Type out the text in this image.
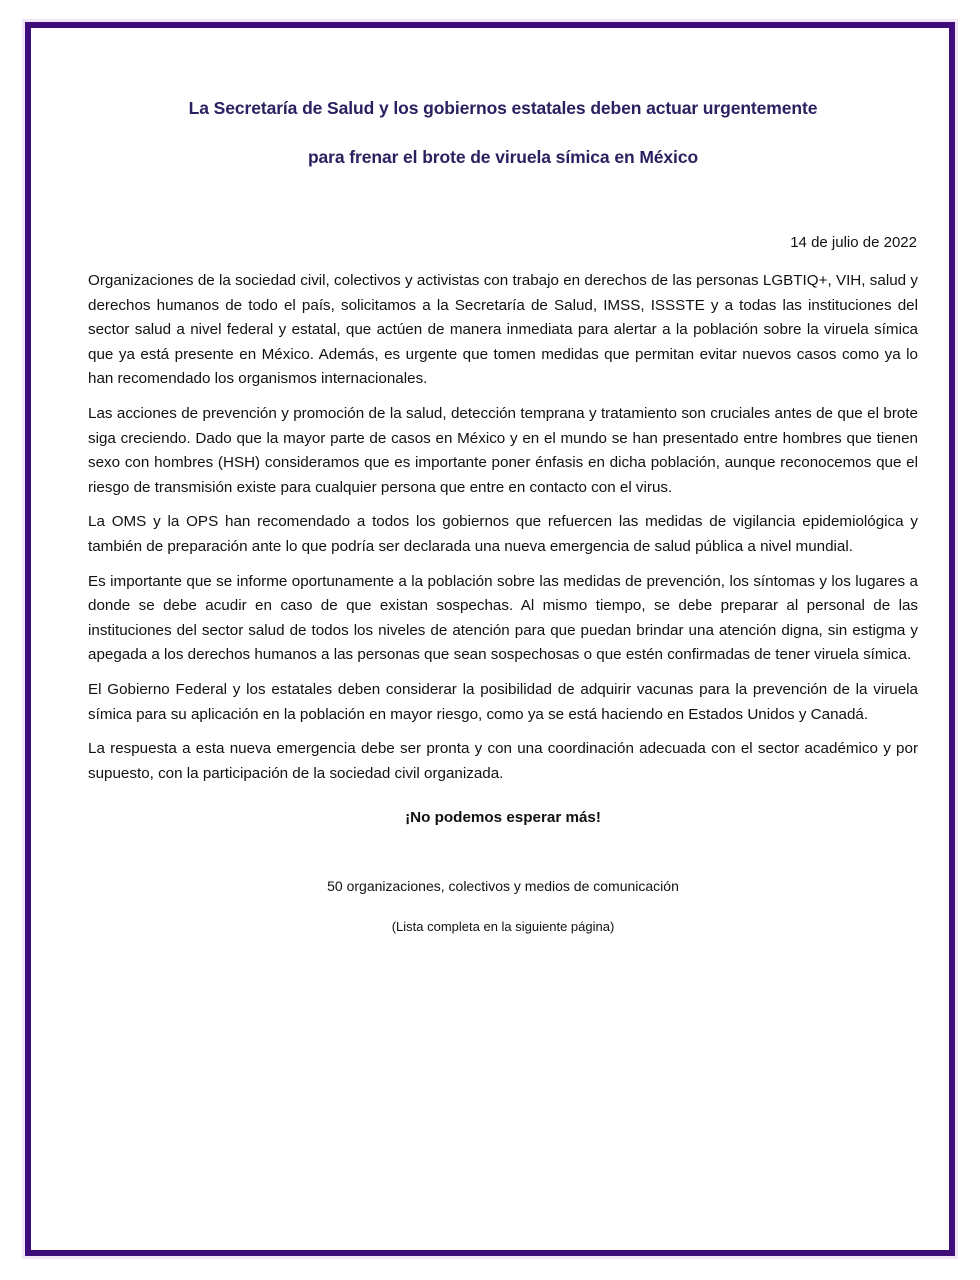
La Secretaría de Salud y los gobiernos estatales deben actuar urgentemente
para frenar el brote de viruela símica en México
14 de julio de 2022

Organizaciones de la sociedad civil, colectivos y activistas con trabajo en derechos de las personas LGBTIQ+, VIH, salud y derechos humanos de todo el país, solicitamos a la Secretaría de Salud, IMSS, ISSSTE y a todas las instituciones del sector salud a nivel federal y estatal, que actúen de manera inmediata para alertar a la población sobre la viruela símica que ya está presente en México. Además, es urgente que tomen medidas que permitan evitar nuevos casos como ya lo han recomendado los organismos internacionales.

Las acciones de prevención y promoción de la salud, detección temprana y tratamiento son cruciales antes de que el brote siga creciendo. Dado que la mayor parte de casos en México y en el mundo se han presentado entre hombres que tienen sexo con hombres (HSH) consideramos que es importante poner énfasis en dicha población, aunque reconocemos que el riesgo de transmisión existe para cualquier persona que entre en contacto con el virus.

La OMS y la OPS han recomendado a todos los gobiernos que refuercen las medidas de vigilancia epidemiológica y también de preparación ante lo que podría ser declarada una nueva emergencia de salud pública a nivel mundial.

Es importante que se informe oportunamente a la población sobre las medidas de prevención, los síntomas y los lugares a donde se debe acudir en caso de que existan sospechas. Al mismo tiempo, se debe preparar al personal de las instituciones del sector salud de todos los niveles de atención para que puedan brindar una atención digna, sin estigma y apegada a los derechos humanos a las personas que sean sospechosas o que estén confirmadas de tener viruela símica.

El Gobierno Federal y los estatales deben considerar la posibilidad de adquirir vacunas para la prevención de la viruela símica para su aplicación en la población en mayor riesgo, como ya se está haciendo en Estados Unidos y Canadá.

La respuesta a esta nueva emergencia debe ser pronta y con una coordinación adecuada con el sector académico y por supuesto, con la participación de la sociedad civil organizada.

¡No podemos esperar más!
50 organizaciones, colectivos y medios de comunicación
(Lista completa en la siguiente página)
